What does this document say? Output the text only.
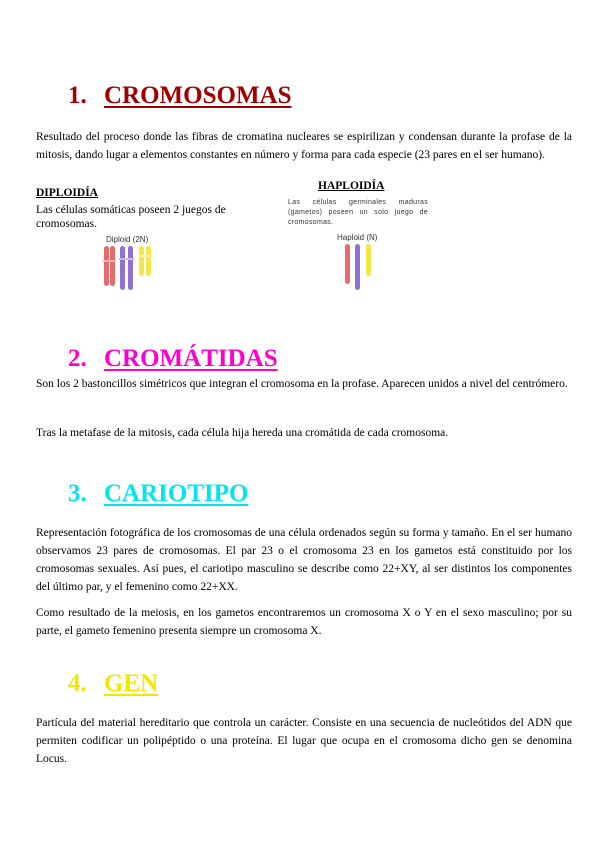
1. CROMOSOMAS

Resultado del proceso donde las fibras de cromatina nucleares se espirilizan y condensan durante la profase de la mitosis, dando lugar a elementos constantes en número y forma para cada especie (23 pares en el ser humano).

DIPLOIDÍA

Las células somáticas poseen 2 juegos de cromosomas.

Diploid (2N)

HAPLOIDÍA

Las células germinales maduras (gametos) poseen un solo juego de cromosomas.

Haploid (N)

2. CROMÁTIDAS

Son los 2 bastoncillos simétricos que integran el cromosoma en la profase. Aparecen unidos a nivel del centrómero.

Tras la metafase de la mitosis, cada célula hija hereda una cromátida de cada cromosoma.

3. CARIOTIPO

Representación fotográfica de los cromosomas de una célula ordenados según su forma y tamaño. En el ser humano observamos 23 pares de cromosomas. El par 23 o el cromosoma 23 en los gametos está constituido por los cromosomas sexuales. Así pues, el cariotipo masculino se describe como 22+XY, al ser distintos los componentes del último par, y el femenino como 22+XX.

Como resultado de la meiosis, en los gametos encontraremos un cromosoma X o Y en el sexo masculino; por su parte, el gameto femenino presenta siempre un cromosoma X.

4. GEN

Partícula del material hereditario que controla un carácter. Consiste en una secuencia de nucleótidos del ADN que permiten codificar un polipéptido o una proteína. El lugar que ocupa en el cromosoma dicho gen se denomina Locus.
